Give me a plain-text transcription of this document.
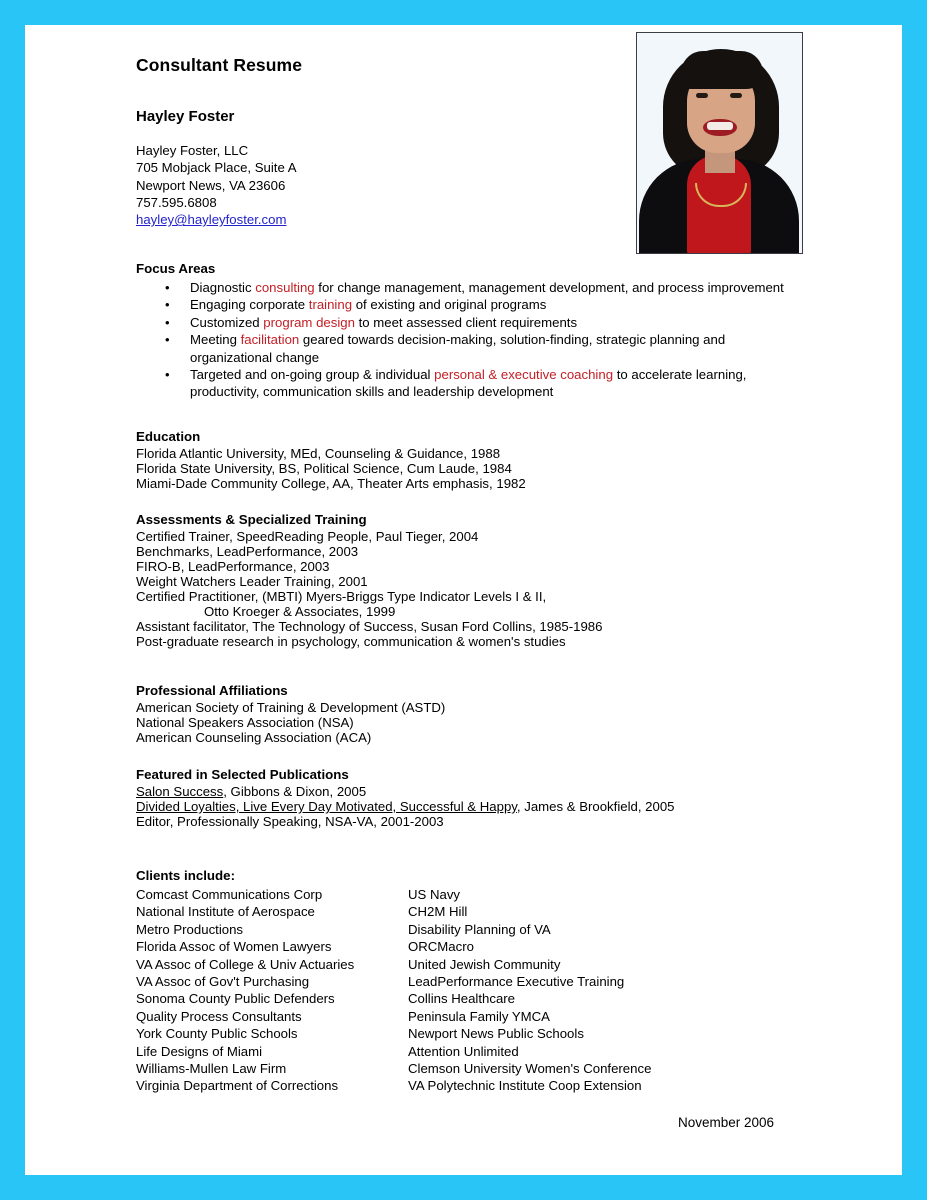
Consultant Resume
Hayley Foster
Hayley Foster, LLC
705 Mobjack Place, Suite A
Newport News, VA 23606
757.595.6808
hayley@hayleyfoster.com
Focus Areas
• Diagnostic consulting for change management, management development, and process improvement
• Engaging corporate training of existing and original programs
• Customized program design to meet assessed client requirements
• Meeting facilitation geared towards decision-making, solution-finding, strategic planning and organizational change
• Targeted and on-going group & individual personal & executive coaching to accelerate learning, productivity, communication skills and leadership development
Education
Florida Atlantic University, MEd, Counseling & Guidance, 1988
Florida State University, BS, Political Science, Cum Laude, 1984
Miami-Dade Community College, AA, Theater Arts emphasis, 1982
Assessments & Specialized Training
Certified Trainer, SpeedReading People, Paul Tieger, 2004
Benchmarks, LeadPerformance, 2003
FIRO-B, LeadPerformance, 2003
Weight Watchers Leader Training, 2001
Certified Practitioner, (MBTI) Myers-Briggs Type Indicator Levels I & II,
Otto Kroeger & Associates, 1999
Assistant facilitator, The Technology of Success, Susan Ford Collins, 1985-1986
Post-graduate research in psychology, communication & women's studies
Professional Affiliations
American Society of Training & Development (ASTD)
National Speakers Association (NSA)
American Counseling Association (ACA)
Featured in Selected Publications
Salon Success, Gibbons & Dixon, 2005
Divided Loyalties, Live Every Day Motivated, Successful & Happy, James & Brookfield, 2005
Editor, Professionally Speaking, NSA-VA, 2001-2003
Clients include:
Comcast Communications Corp
National Institute of Aerospace
Metro Productions
Florida Assoc of Women Lawyers
VA Assoc of College & Univ Actuaries
VA Assoc of Gov't Purchasing
Sonoma County Public Defenders
Quality Process Consultants
York County Public Schools
Life Designs of Miami
Williams-Mullen Law Firm
Virginia Department of Corrections
US Navy
CH2M Hill
Disability Planning of VA
ORCMacro
United Jewish Community
LeadPerformance Executive Training
Collins Healthcare
Peninsula Family YMCA
Newport News Public Schools
Attention Unlimited
Clemson University Women's Conference
VA Polytechnic Institute Coop Extension
November 2006
